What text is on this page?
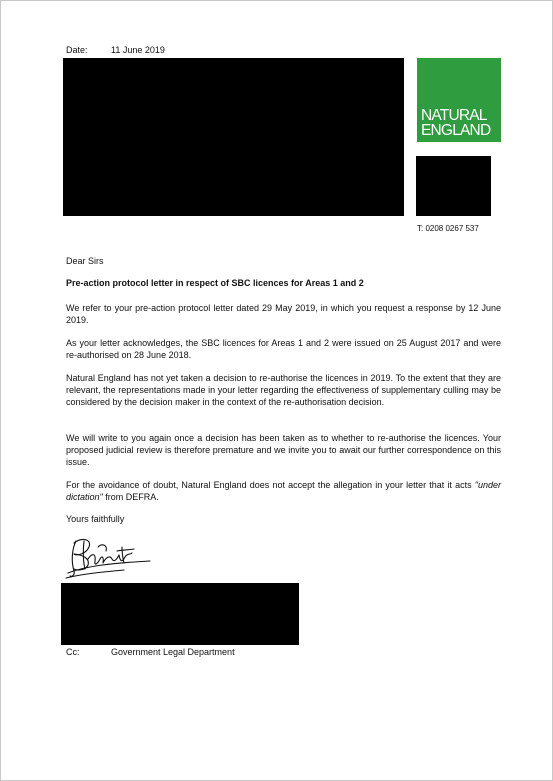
Date:	11 June 2019
NATURAL
ENGLAND
T: 0208 0267 537
Dear Sirs
Pre-action protocol letter in respect of SBC licences for Areas 1 and 2
We refer to your pre-action protocol letter dated 29 May 2019, in which you request a response by 12 June 2019.
As your letter acknowledges, the SBC licences for Areas 1 and 2 were issued on 25 August 2017 and were re-authorised on 28 June 2018.
Natural England has not yet taken a decision to re-authorise the licences in 2019. To the extent that they are relevant, the representations made in your letter regarding the effectiveness of supplementary culling may be considered by the decision maker in the context of the re-authorisation decision.
We will write to you again once a decision has been taken as to whether to re-authorise the licences. Your proposed judicial review is therefore premature and we invite you to await our further correspondence on this issue.
For the avoidance of doubt, Natural England does not accept the allegation in your letter that it acts "under dictation" from DEFRA.
Yours faithfully
Cc:	Government Legal Department
